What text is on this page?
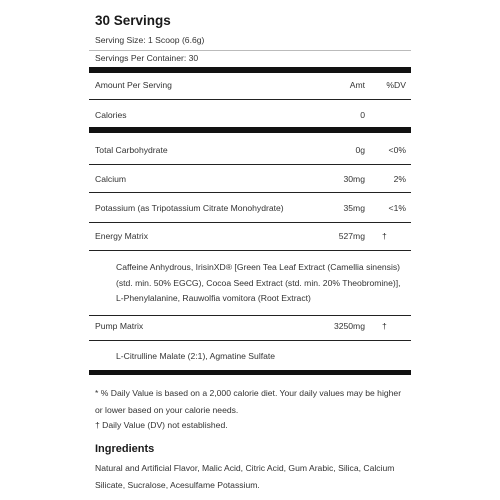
30 Servings
Serving Size: 1 Scoop (6.6g)
Servings Per Container: 30
Amount Per Serving	Amt	%DV
Calories	0
Total Carbohydrate	0g	<0%
Calcium	30mg	2%
Potassium (as Tripotassium Citrate Monohydrate)	35mg	<1%
Energy Matrix	527mg †
Caffeine Anhydrous, IrisinXD® [Green Tea Leaf Extract (Camellia sinensis) (std. min. 50% EGCG), Cocoa Seed Extract (std. min. 20% Theobromine)], L-Phenylalanine, Rauwolfia vomitora (Root Extract)
Pump Matrix	3250mg †
L-Citrulline Malate (2:1), Agmatine Sulfate
* % Daily Value is based on a 2,000 calorie diet. Your daily values may be higher or lower based on your calorie needs.
† Daily Value (DV) not established.
Ingredients
Natural and Artificial Flavor, Malic Acid, Citric Acid, Gum Arabic, Silica, Calcium Silicate, Sucralose, Acesulfame Potassium.
